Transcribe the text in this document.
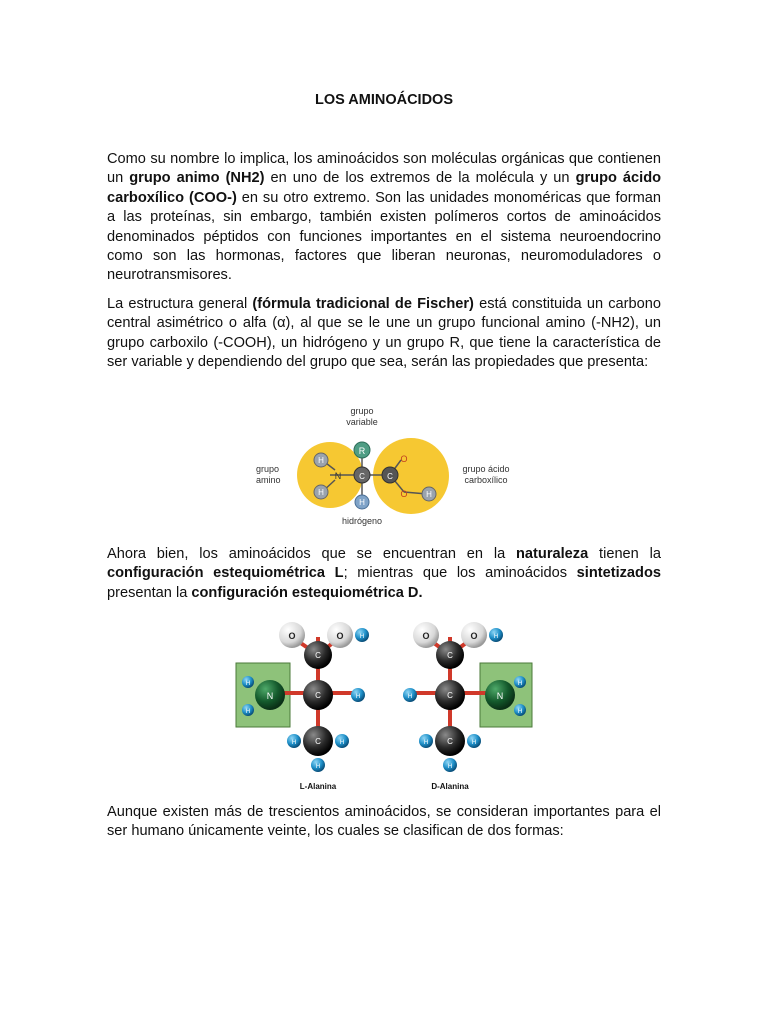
LOS AMINOÁCIDOS

Como su nombre lo implica, los aminoácidos son moléculas orgánicas que contienen un grupo animo (NH2) en uno de los extremos de la molécula y un grupo ácido carboxílico (COO-) en su otro extremo. Son las unidades monoméricas que forman a las proteínas, sin embargo, también existen polímeros cortos de aminoácidos denominados péptidos con funciones importantes en el sistema neuroendocrino como son las hormonas, factores que liberan neuronas, neuromoduladores o neurotransmisores.

La estructura general (fórmula tradicional de Fischer) está constituida un carbono central asimétrico o alfa (α), al que se le une un grupo funcional amino (-NH2), un grupo carboxilo (-COOH), un hidrógeno y un grupo R, que tiene la característica de ser variable y dependiendo del grupo que sea, serán las propiedades que presenta:

R
H
H
N C
H
C
O
O H
grupo
variable
grupo
amino
grupo ácido
carboxílico
hidrógeno

Ahora bien, los aminoácidos que se encuentran en la naturaleza tienen la configuración estequiométrica L; mientras que los aminoácidos sintetizados presentan la configuración estequiométrica D.

O	O	H
C
N
H
H
C	H
C
H	H
H
L-Alanina
O	O	H
C
H	C	N
H
H
C
H	H
H
D-Alanina

Aunque existen más de trescientos aminoácidos, se consideran importantes para el ser humano únicamente veinte, los cuales se clasifican de dos formas:
